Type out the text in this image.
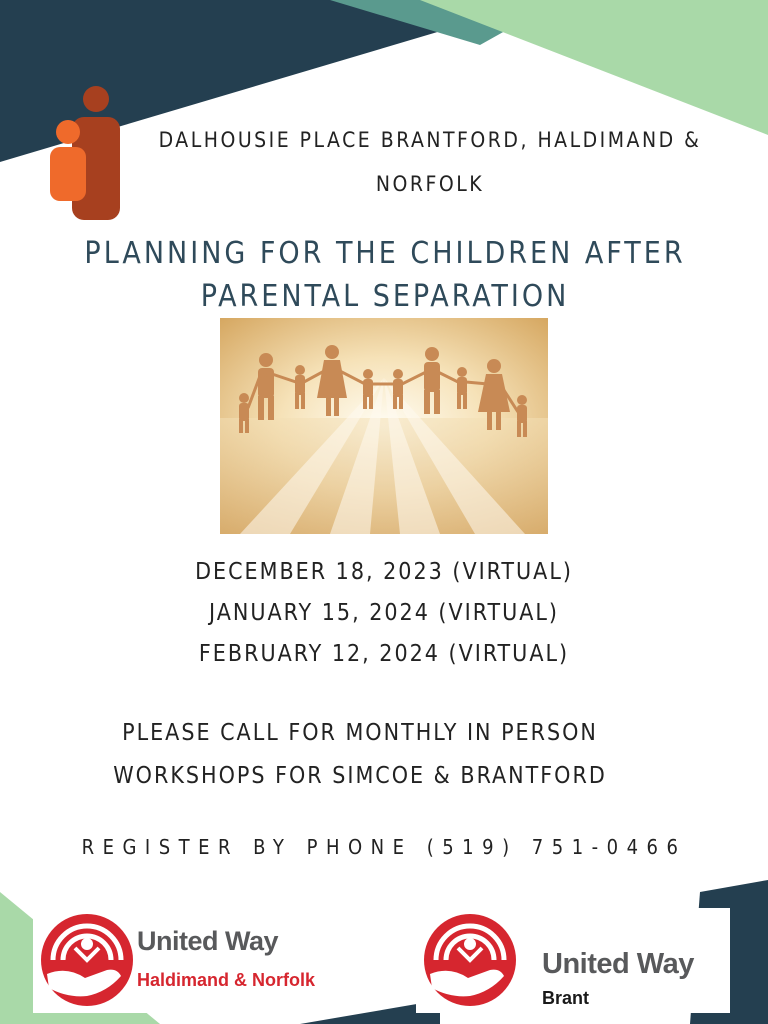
DALHOUSIE PLACE BRANTFORD, HALDIMAND & NORFOLK
PLANNING FOR THE CHILDREN AFTER PARENTAL SEPARATION
DECEMBER 18, 2023 (VIRTUAL)
JANUARY 15, 2024 (VIRTUAL)
FEBRUARY 12, 2024 (VIRTUAL)
PLEASE CALL FOR MONTHLY IN PERSON WORKSHOPS FOR SIMCOE & BRANTFORD
REGISTER BY PHONE (519) 751-0466
United Way
Haldimand & Norfolk	United Way
Brant
